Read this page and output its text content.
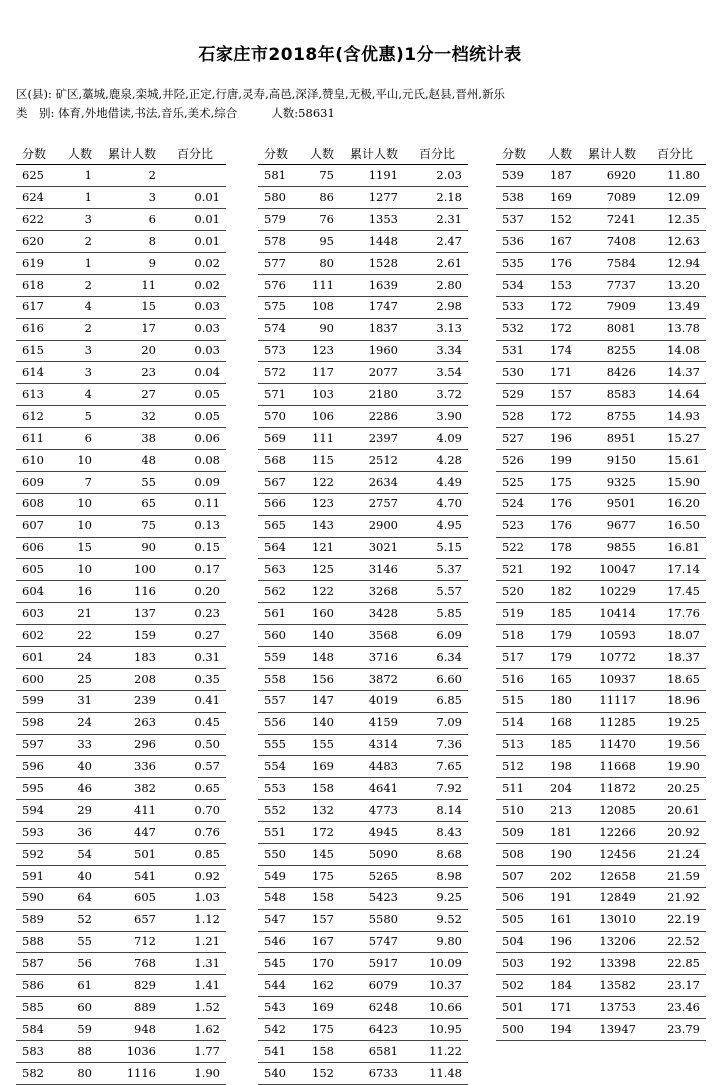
石家庄市2018年(含优惠)1分一档统计表
区(县): 矿区,藁城,鹿泉,栾城,井陉,正定,行唐,灵寿,高邑,深泽,赞皇,无极,平山,元氏,赵县,晋州,新乐
类　别: 体育,外地借读,书法,音乐,美术,综合	人数:58631
分数	人数	累计人数	百分比
625	1	2	
624	1	3	0.01
622	3	6	0.01
620	2	8	0.01
619	1	9	0.02
618	2	11	0.02
617	4	15	0.03
616	2	17	0.03
615	3	20	0.03
614	3	23	0.04
613	4	27	0.05
612	5	32	0.05
611	6	38	0.06
610	10	48	0.08
609	7	55	0.09
608	10	65	0.11
607	10	75	0.13
606	15	90	0.15
605	10	100	0.17
604	16	116	0.20
603	21	137	0.23
602	22	159	0.27
601	24	183	0.31
600	25	208	0.35
599	31	239	0.41
598	24	263	0.45
597	33	296	0.50
596	40	336	0.57
595	46	382	0.65
594	29	411	0.70
593	36	447	0.76
592	54	501	0.85
591	40	541	0.92
590	64	605	1.03
589	52	657	1.12
588	55	712	1.21
587	56	768	1.31
586	61	829	1.41
585	60	889	1.52
584	59	948	1.62
583	88	1036	1.77
582	80	1116	1.90
分数	人数	累计人数	百分比
581	75	1191	2.03
580	86	1277	2.18
579	76	1353	2.31
578	95	1448	2.47
577	80	1528	2.61
576	111	1639	2.80
575	108	1747	2.98
574	90	1837	3.13
573	123	1960	3.34
572	117	2077	3.54
571	103	2180	3.72
570	106	2286	3.90
569	111	2397	4.09
568	115	2512	4.28
567	122	2634	4.49
566	123	2757	4.70
565	143	2900	4.95
564	121	3021	5.15
563	125	3146	5.37
562	122	3268	5.57
561	160	3428	5.85
560	140	3568	6.09
559	148	3716	6.34
558	156	3872	6.60
557	147	4019	6.85
556	140	4159	7.09
555	155	4314	7.36
554	169	4483	7.65
553	158	4641	7.92
552	132	4773	8.14
551	172	4945	8.43
550	145	5090	8.68
549	175	5265	8.98
548	158	5423	9.25
547	157	5580	9.52
546	167	5747	9.80
545	170	5917	10.09
544	162	6079	10.37
543	169	6248	10.66
542	175	6423	10.95
541	158	6581	11.22
540	152	6733	11.48
分数	人数	累计人数	百分比
539	187	6920	11.80
538	169	7089	12.09
537	152	7241	12.35
536	167	7408	12.63
535	176	7584	12.94
534	153	7737	13.20
533	172	7909	13.49
532	172	8081	13.78
531	174	8255	14.08
530	171	8426	14.37
529	157	8583	14.64
528	172	8755	14.93
527	196	8951	15.27
526	199	9150	15.61
525	175	9325	15.90
524	176	9501	16.20
523	176	9677	16.50
522	178	9855	16.81
521	192	10047	17.14
520	182	10229	17.45
519	185	10414	17.76
518	179	10593	18.07
517	179	10772	18.37
516	165	10937	18.65
515	180	11117	18.96
514	168	11285	19.25
513	185	11470	19.56
512	198	11668	19.90
511	204	11872	20.25
510	213	12085	20.61
509	181	12266	20.92
508	190	12456	21.24
507	202	12658	21.59
506	191	12849	21.92
505	161	13010	22.19
504	196	13206	22.52
503	192	13398	22.85
502	184	13582	23.17
501	171	13753	23.46
500	194	13947	23.79
